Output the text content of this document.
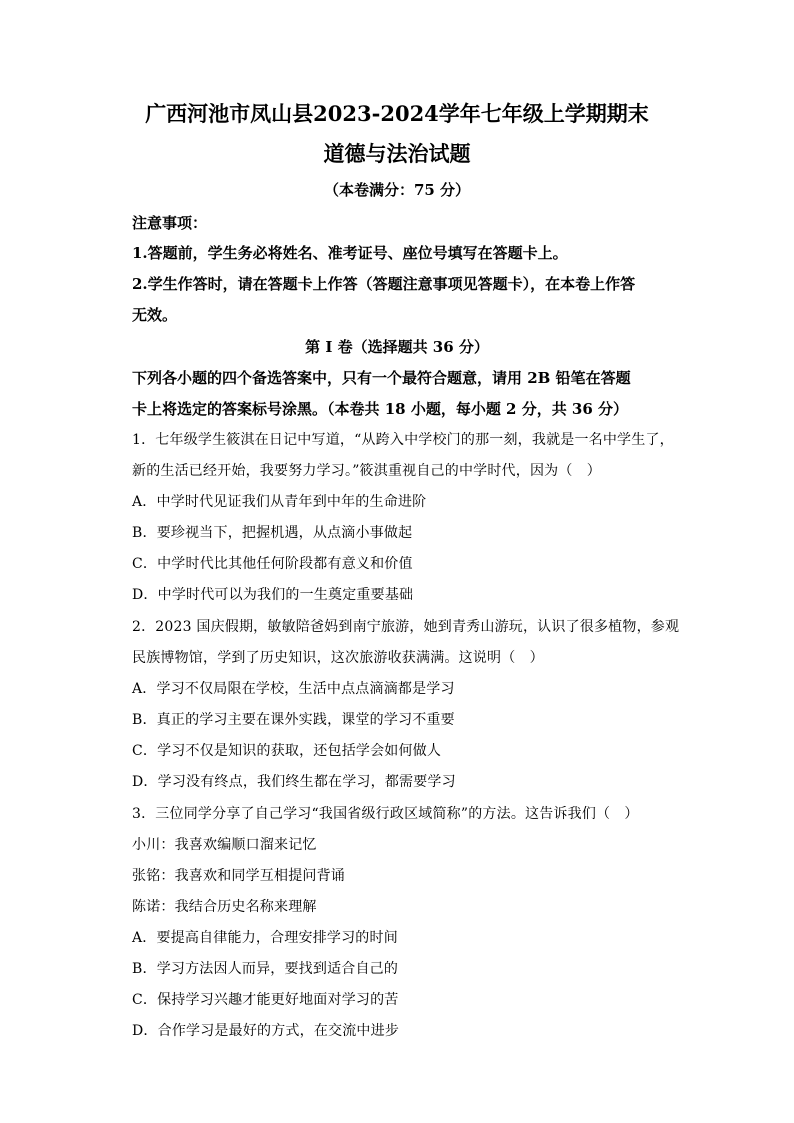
广西河池市凤山县2023-2024学年七年级上学期期末
道德与法治试题
（本卷满分：75 分）
注意事项：
1.答题前，学生务必将姓名、准考证号、座位号填写在答题卡上。
2.学生作答时，请在答题卡上作答（答题注意事项见答题卡），在本卷上作答
无效。
第 I 卷（选择题共 36 分）
下列各小题的四个备选答案中，只有一个最符合题意，请用 2B 铅笔在答题
卡上将选定的答案标号涂黑。（本卷共 18 小题，每小题 2 分，共 36 分）
1．七年级学生筱淇在日记中写道，“从跨入中学校门的那一刻，我就是一名中学生了，
新的生活已经开始，我要努力学习。”筱淇重视自己的中学时代，因为（　）
A．中学时代见证我们从青年到中年的生命进阶
B．要珍视当下，把握机遇，从点滴小事做起
C．中学时代比其他任何阶段都有意义和价值
D．中学时代可以为我们的一生奠定重要基础
2．2023 国庆假期，敏敏陪爸妈到南宁旅游，她到青秀山游玩，认识了很多植物，参观
民族博物馆，学到了历史知识，这次旅游收获满满。这说明（　）
A．学习不仅局限在学校，生活中点点滴滴都是学习
B．真正的学习主要在课外实践，课堂的学习不重要
C．学习不仅是知识的获取，还包括学会如何做人
D．学习没有终点，我们终生都在学习，都需要学习
3．三位同学分享了自己学习“我国省级行政区域简称”的方法。这告诉我们（　）
小川：我喜欢编顺口溜来记忆
张铭：我喜欢和同学互相提问背诵
陈诺：我结合历史名称来理解
A．要提高自律能力，合理安排学习的时间
B．学习方法因人而异，要找到适合自己的
C．保持学习兴趣才能更好地面对学习的苦
D．合作学习是最好的方式，在交流中进步
